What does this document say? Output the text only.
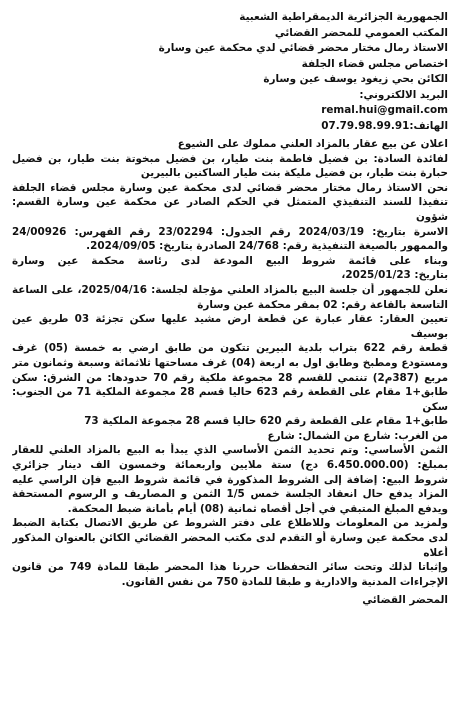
الجمهورية الجزائرية الديمقراطية الشعبية
المكتب العمومي للمحضر القضائي
الاستاذ رمال مختار محضر قضائي لدي محكمة عين وسارة
اختصاص مجلس قضاء الجلفة
الكائن بحي زيغود يوسف عين وسارة
البريد الالكتروني:
remal.hui@gmail.com
الهاتف:07.79.98.99.91
اعلان عن بيع عقار بالمزاد العلني مملوك على الشيوع
لفائدة السادة: بن فضيل فاطمة بنت طيار، بن فضيل مبخوتة بنت طيار، بن فضيل
حبارة بنت طيار، بن فضيل مليكة بنت طيار الساكنين بالبيرين
نحن الاستاذ رمال مختار محضر قضائي لدى محكمة عين وسارة مجلس قضاء الجلفة
تنفيذا للسند التنفيذي المتمثل في الحكم الصادر عن محكمة عين وسارة القسم: شؤون
الاسرة بتاريخ: 2024/03/19 رقم الجدول: 23/02294 رقم الفهرس: 24/00926
والممهور بالصيغة التنفيذية رقم: 24/768 الصادرة بتاريخ: 2024/09/05.
وبناء على قائمة شروط البيع المودعة لدى رئاسة محكمة عين وسارة
بتاريخ: 2025/01/23،
نعلن للجمهور أن جلسة البيع بالمزاد العلني مؤجلة لجلسة: 2025/04/16، على الساعة
التاسعة بالقاعة رقم: 02 بمقر محكمة عين وسارة
تعيين العقار: عقار عبارة عن قطعة ارض مشيد عليها سكن تجزئة 03 طريق عين بوسيف
قطعة رقم 622 بتراب بلدية البيرين تتكون من طابق ارضي به خمسة (05) غرف
ومستودع ومطبخ وطابق اول به اربعة (04) غرف مساحتها ثلاثمائة وسبعة وثمانون متر
مربع (387م2) تنتمي للقسم 28 مجموعة ملكية رقم 70 حدودها: من الشرق: سكن
طابق+1 مقام على القطعة رقم 623 حاليا قسم 28 مجموعة الملكية 71 من الجنوب: سكن
طابق+1 مقام على القطعة رقم 620 حاليا قسم 28 مجموعة الملكية 73
من الغرب: شارع من الشمال: شارع
الثمن الأساسي: وتم تحديد الثمن الأساسي الذي يبدأ به البيع بالمزاد العلني للعقار
بمبلغ: (6.450.000.00 دج) ستة ملايين واربعمائة وخمسون الف دينار جزائري
شروط البيع: إضافة إلى الشروط المذكورة في قائمة شروط البيع فإن الراسي عليه
المزاد يدفع حال انعقاد الجلسة خمس 1/5 الثمن و المصاريف و الرسوم المستحقة
ويدفع المبلغ المتبقي في أجل أقصاه ثمانية (08) أيام بأمانة ضبط المحكمة.
ولمزيد من المعلومات وللاطلاع على دفتر الشروط عن طريق الاتصال بكتابة الضبط
لدى محكمة عين وسارة أو التقدم لدى مكتب المحضر القضائي الكائن بالعنوان المذكور
أعلاه
وإثباتا لذلك وتحت سائر التحفظات حررنا هذا المحضر طبقا للمادة 749 من قانون
الإجراءات المدنية والادارية و طبقا للمادة 750 من نفس القانون.
المحضر القضائي
